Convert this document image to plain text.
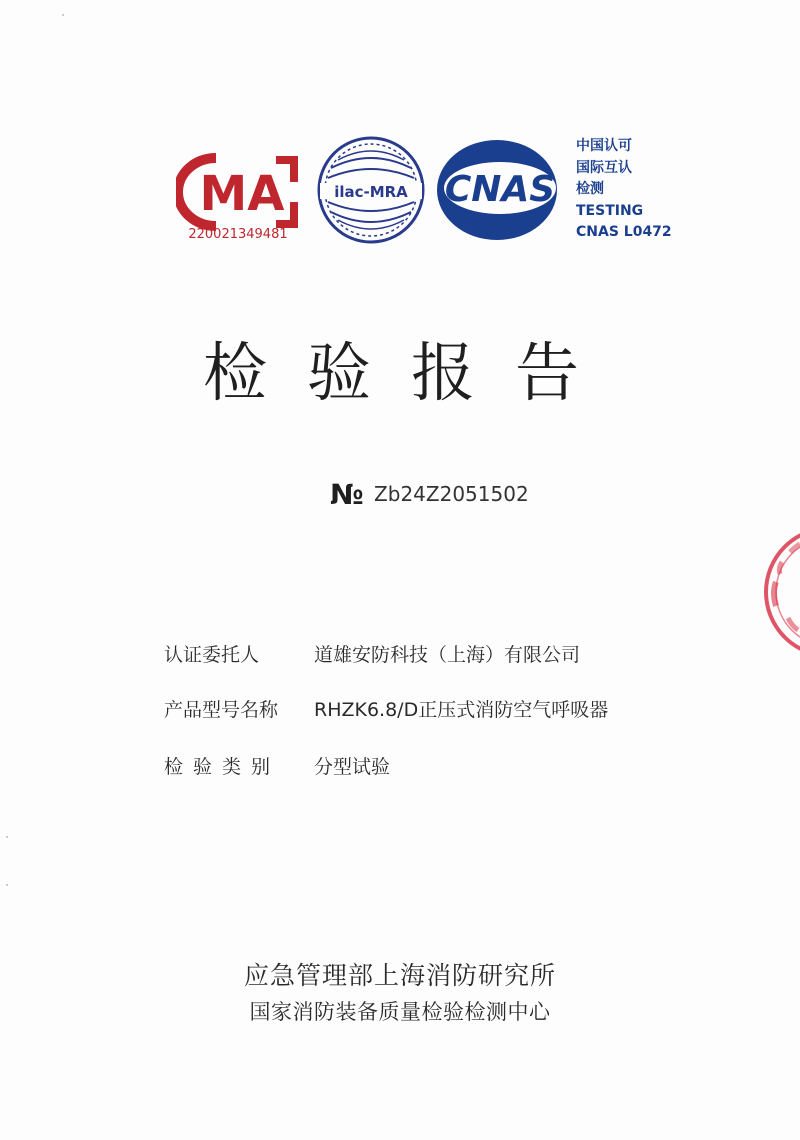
MA
220021349481
ilac-MRA CNAS
中国认可
国际互认
检测
TESTING
CNAS L0472
检验报告
№ Zb24Z2051502
认证委托人	道雄安防科技（上海）有限公司
产品型号名称 RHZK6.8/D正压式消防空气呼吸器
检验类别 分型试验
应急管理部上海消防研究所
国家消防装备质量检验检测中心
